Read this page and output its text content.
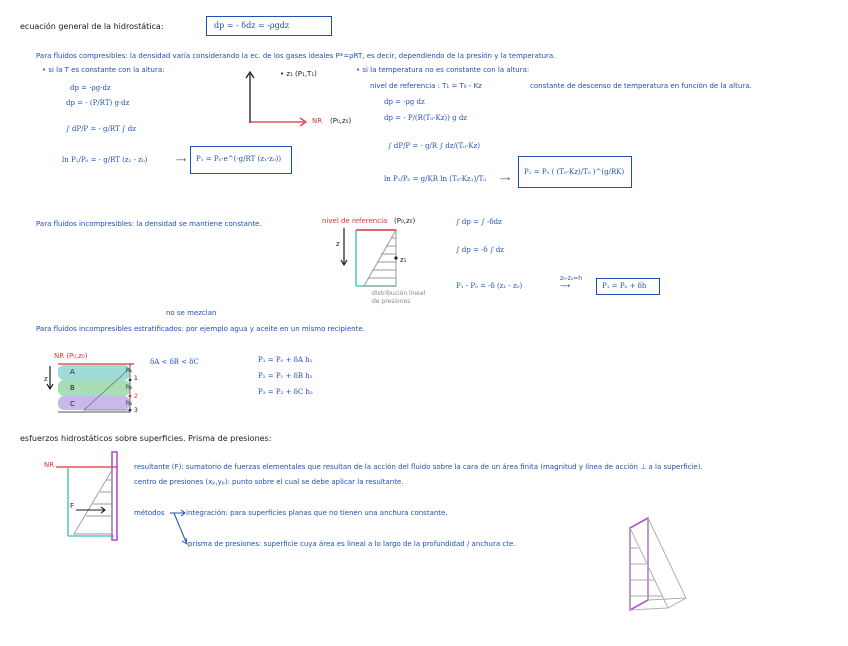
ecuación general de la hidrostática:	dp = - δdz = -ρgdz
Para fluidos compresibles: la densidad varía considerando la ec. de los gases ideales P*=ρRT, es decir, dependiendo de la presión y la temperatura.
• si la T es constante con la altura:
dp = -ρg·dz
dp = - (P/RT) g·dz
∫ dP/P = - g/RT ∫ dz
ln P₁/P₀ = - g/RT (z₁ - z₀)	⟶ P₁ = P₀·e^(-g/RT (z₁-z₀))
• z₁ (P₁,T₁)
NR (P₀,z₀)
• si la temperatura no es constante con la altura:
nivel de referencia : T₁ = T₀ - Kz	constante de descenso de temperatura en función de la altura.
dp = -ρg dz
dp = - P/(R(T₀-Kz)) g dz
∫ dP/P = - g/R ∫ dz/(T₀-Kz)
ln P₁/P₀ = g/KR ln (T₀-Kz₁)/T₀ ⟶
P₁ = P₀ ( (T₀-Kz)/T₀ )^(g/RK)
Para fluidos incompresibles: la densidad se mantiene constante.	nivel de referencia (P₀,z₀)
z
z₁
distribución lineal de presiones
∫ dp = ∫ -δdz
∫ dp = -δ ∫ dz
P₁ - P₀ = -δ (z₁ - z₀)
z₀-z₁=h
⟶	P₁ = P₀ + δh
no se mezclan
Para fluidos incompresibles estratificados: por ejemplo agua y aceite en un mismo recipiente.
NR (P₀,z₀)
z
A
B
C
h₁
h₂
h₃
1
2
3
δA < δB < δC	P₁ = P₀ + δA h₁
P₂ = P₁ + δB h₂
P₃ = P₂ + δC h₃
esfuerzos hidrostáticos sobre superficies. Prisma de presiones:
NR
F
resultante (F): sumatorio de fuerzas elementales que resultan de la acción del fluido sobre la cara de un área finita (magnitud y línea de acción ⊥ a la superficie).
centro de presiones (xₚ,yₚ): punto sobre el cual se debe aplicar la resultante.
métodos	integración: para superficies planas que no tienen una anchura constante.
prisma de presiones: superficie cuya área es lineal a lo largo de la profundidad / anchura cte.
